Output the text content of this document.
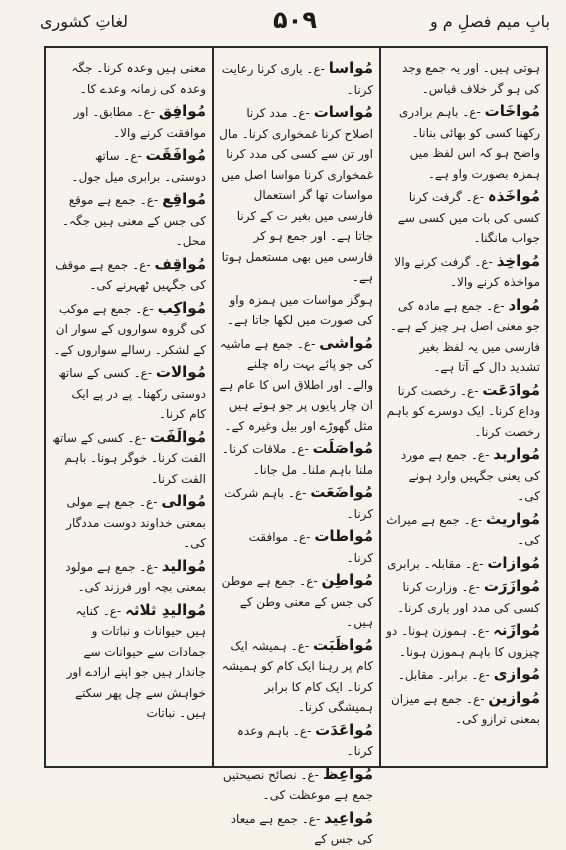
بابِ میم فصلِ م و
۵۰۹
لغاتِ کشوری

ہوتی ہیں۔ اور یہ جمع وجد کی ہو گر خلاف قیاس۔

مُواخَات -ع۔ باہم برادری رکھنا کسی کو بھائی بنانا۔ واضح ہو کہ اس لفظ میں ہمزہ بصورت واو ہے۔

مُواخَذہ -ع۔ گرفت کرنا کسی کی بات میں کسی سے جواب مانگنا۔

مُواخِذ -ع۔ گرفت کرنے والا مواخذہ کرنے والا۔

مُواد -ع۔ جمع ہے مادہ کی جو معنی اصل ہر چیز کے ہے۔ فارسی میں یہ لفظ بغیر تشدید دال کے آتا ہے۔

مُوادَعَت -ع۔ رخصت کرنا وداع کرنا۔ ایک دوسرے کو باہم رخصت کرنا۔

مُواربد -ع۔ جمع ہے مورد کی یعنی جگہیں وارد ہونے کی۔

مُواریث -ع۔ جمع ہے میراث کی۔

مُوازات -ع۔ مقابلہ۔ برابری

مُوازَرَت -ع۔ وزارت کرنا کسی کی مدد اور یاری کرنا۔

مُوازَنہ -ع۔ ہموزن ہونا۔ دو چیزوں کا باہم ہموزن ہونا۔

مُوازی -ع۔ برابر۔ مقابل۔

مُوازین -ع۔ جمع ہے میزان بمعنی ترازو کی۔

مُواسا -ع۔ یاری کرنا رعایت کرنا۔

مُواسات -ع۔ مدد کرنا اصلاح کرنا غمخواری کرنا۔ مال اور تن سے کسی کی مدد کرنا غمخواری کرنا مواسا اصل میں مواسات تھا گر استعمال فارسی میں بغیر ت کے کرنا جاتا ہے۔ اور جمع ہو کر فارسی میں بھی مستعمل ہوتا ہے۔

ہوگز مواسات میں ہمزہ واو کی صورت میں لکھا جاتا ہے۔

مُواشی -ع۔ جمع ہے ماشیہ کی جو پائے بہت راہ چلنے والے۔ اور اطلاق اس کا عام ہے ان چار پایوں پر جو ہوتے ہیں مثل گھوڑے اور بیل وغیرہ کے۔

مُواصَلَت -ع۔ ملاقات کرنا۔ ملنا باہم ملنا۔ مل جانا۔

مُواضَعَت -ع۔ باہم شرکت کرنا۔

مُواطات -ع۔ موافقت کرنا۔

مُواطِن -ع۔ جمع ہے موطن کی جس کے معنی وطن کے ہیں۔

مُواظَبَت -ع۔ ہمیشہ ایک کام پر رہنا ایک کام کو ہمیشہ کرنا۔ ایک کام کا برابر ہمیشگی کرنا۔

مُواعَدَت -ع۔ باہم وعدہ کرنا۔

مُواعِظ -ع۔ نصائح نصیحتیں جمع ہے موعظت کی۔

مُواعِید -ع۔ جمع ہے میعاد کی جس کے

معنی ہیں وعدہ کرنا۔ جگہ وعدہ کی زمانہ وعدے کا۔

مُوافِق -ع۔ مطابق۔ اور موافقت کرنے والا۔

مُوافَقَت -ع۔ ساتھ دوستی۔ برابری میل جول۔

مُواقِع -ع۔ جمع ہے موقع کی جس کے معنی ہیں جگہ۔ محل۔

مُواقِف -ع۔ جمع ہے موقف کی جگہیں ٹھہرنے کی۔

مُواکِب -ع۔ جمع ہے موکب کی گروہ سواروں کے سوار ان کے لشکر۔ رسالے سواروں کے۔

مُوالات -ع۔ کسی کے ساتھ دوستی رکھنا۔ پے در پے ایک کام کرنا۔

مُوالَفَت -ع۔ کسی کے ساتھ الفت کرنا۔ خوگر ہونا۔ باہم الفت کرنا۔

مُوالی -ع۔ جمع ہے مولی بمعنی خداوند دوست مددگار کی۔

مُوالید -ع۔ جمع ہے مولود بمعنی بچہ اور فرزند کی۔

مُوالیدِ ثلاثہ -ع۔ کنایہ ہیں حیوانات و نباتات و جمادات سے حیوانات سے جاندار ہیں جو اپنے ارادے اور خواہش سے چل پھر سکتے ہیں۔ نباتات
